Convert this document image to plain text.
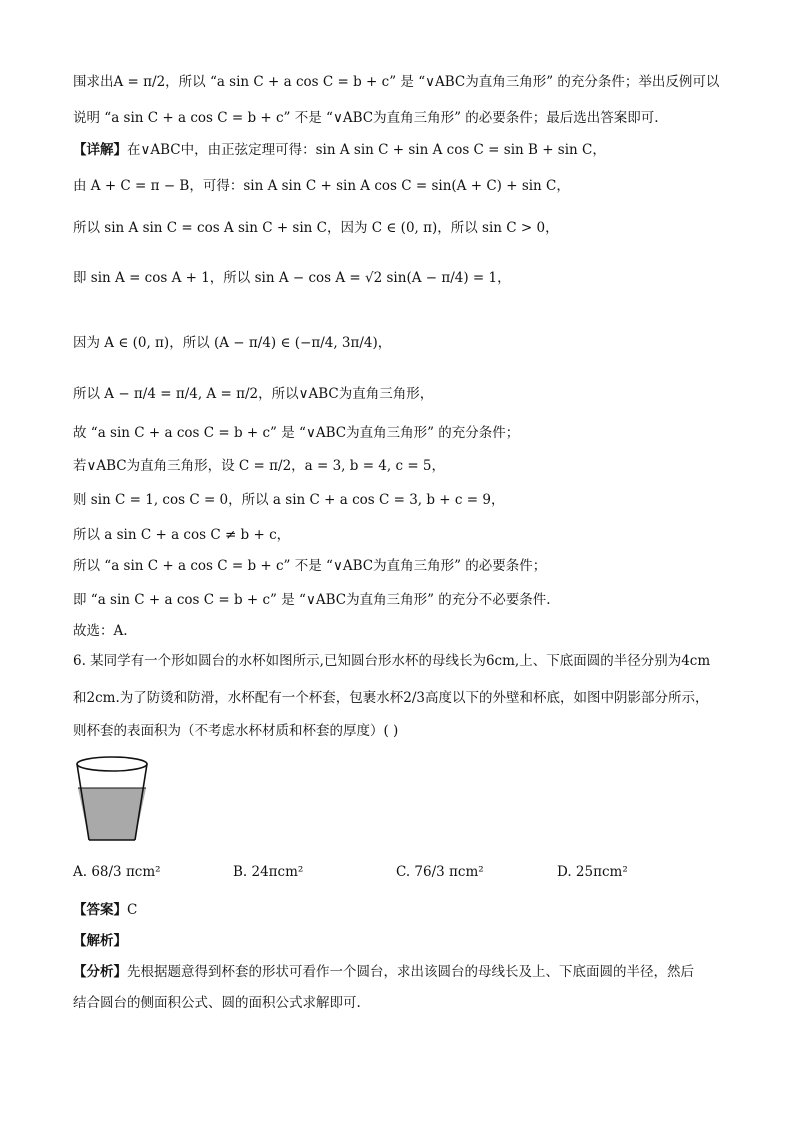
围求出A = π/2，所以 “a sin C + a cos C = b + c” 是 “∨ABC为直角三角形” 的充分条件；举出反例可以
说明 “a sin C + a cos C = b + c” 不是 “∨ABC为直角三角形” 的必要条件；最后选出答案即可.
【详解】在∨ABC中，由正弦定理可得：sin A sin C + sin A cos C = sin B + sin C，
由 A + C = π − B，可得：sin A sin C + sin A cos C = sin(A + C) + sin C，
所以 sin A sin C = cos A sin C + sin C，因为 C ∈ (0, π)，所以 sin C > 0，
即 sin A = cos A + 1，所以 sin A − cos A = √2 sin(A − π/4) = 1，
因为 A ∈ (0, π)，所以 (A − π/4) ∈ (−π/4, 3π/4)，
所以 A − π/4 = π/4, A = π/2，所以∨ABC为直角三角形，
故 “a sin C + a cos C = b + c” 是 “∨ABC为直角三角形” 的充分条件；
若∨ABC为直角三角形，设 C = π/2，a = 3, b = 4, c = 5，
则 sin C = 1, cos C = 0，所以 a sin C + a cos C = 3, b + c = 9，
所以 a sin C + a cos C ≠ b + c，
所以 “a sin C + a cos C = b + c” 不是 “∨ABC为直角三角形” 的必要条件；
即 “a sin C + a cos C = b + c” 是 “∨ABC为直角三角形” 的充分不必要条件.
故选：A.
6. 某同学有一个形如圆台的水杯如图所示,已知圆台形水杯的母线长为6cm,上、下底面圆的半径分别为4cm
和2cm.为了防烫和防滑，水杯配有一个杯套，包裹水杯2/3高度以下的外壁和杯底，如图中阴影部分所示，
则杯套的表面积为（不考虑水杯材质和杯套的厚度）( )
A. 68/3 πcm²	B. 24πcm²	C. 76/3 πcm²	D. 25πcm²
【答案】C
【解析】
【分析】先根据题意得到杯套的形状可看作一个圆台，求出该圆台的母线长及上、下底面圆的半径，然后
结合圆台的侧面积公式、圆的面积公式求解即可.
